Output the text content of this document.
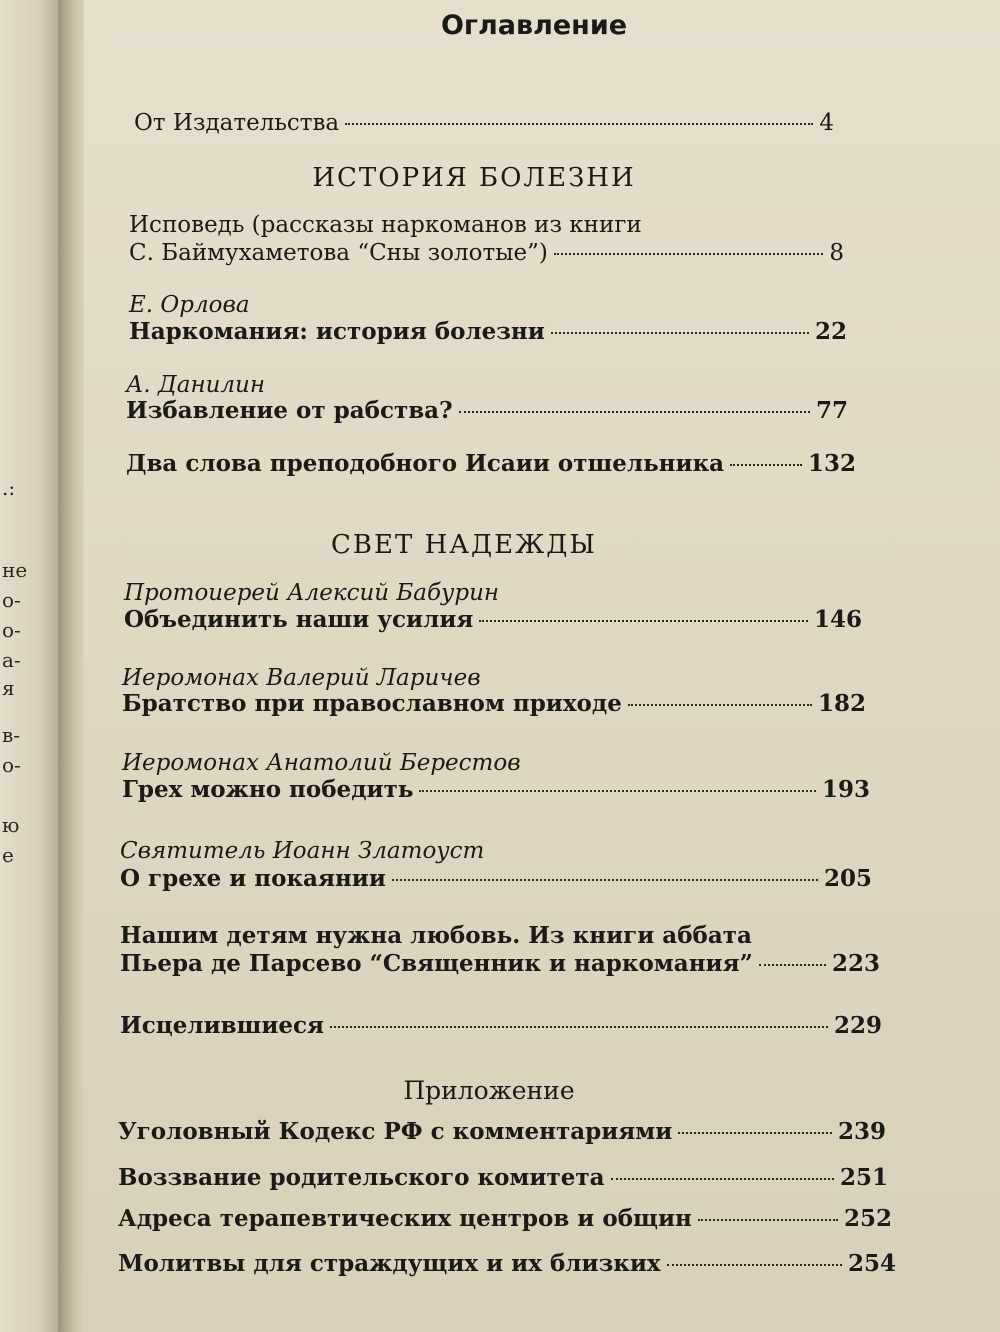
.:
не
о-
о-
а-
я
в-
о-
ю
е
Оглавление
От Издательства	4
ИСТОРИЯ БОЛЕЗНИ
Исповедь (рассказы наркоманов из книги
С. Баймухаметова “Сны золотые”)	8
Е. Орлова
Наркомания: история болезни	22
А. Данилин
Избавление от рабства?	77
Два слова преподобного Исаии отшельника	132
СВЕТ НАДЕЖДЫ
Протоиерей Алексий Бабурин
Объединить наши усилия	146
Иеромонах Валерий Ларичев
Братство при православном приходе	182
Иеромонах Анатолий Берестов
Грех можно победить	193
Святитель Иоанн Златоуст
О грехе и покаянии	205
Нашим детям нужна любовь. Из книги аббата
Пьера де Парсево “Священник и наркомания”	223
Исцелившиеся	229
Приложение
Уголовный Кодекс РФ с комментариями	239
Воззвание родительского комитета	251
Адреса терапевтических центров и общин	252
Молитвы для страждущих и их близких	254
